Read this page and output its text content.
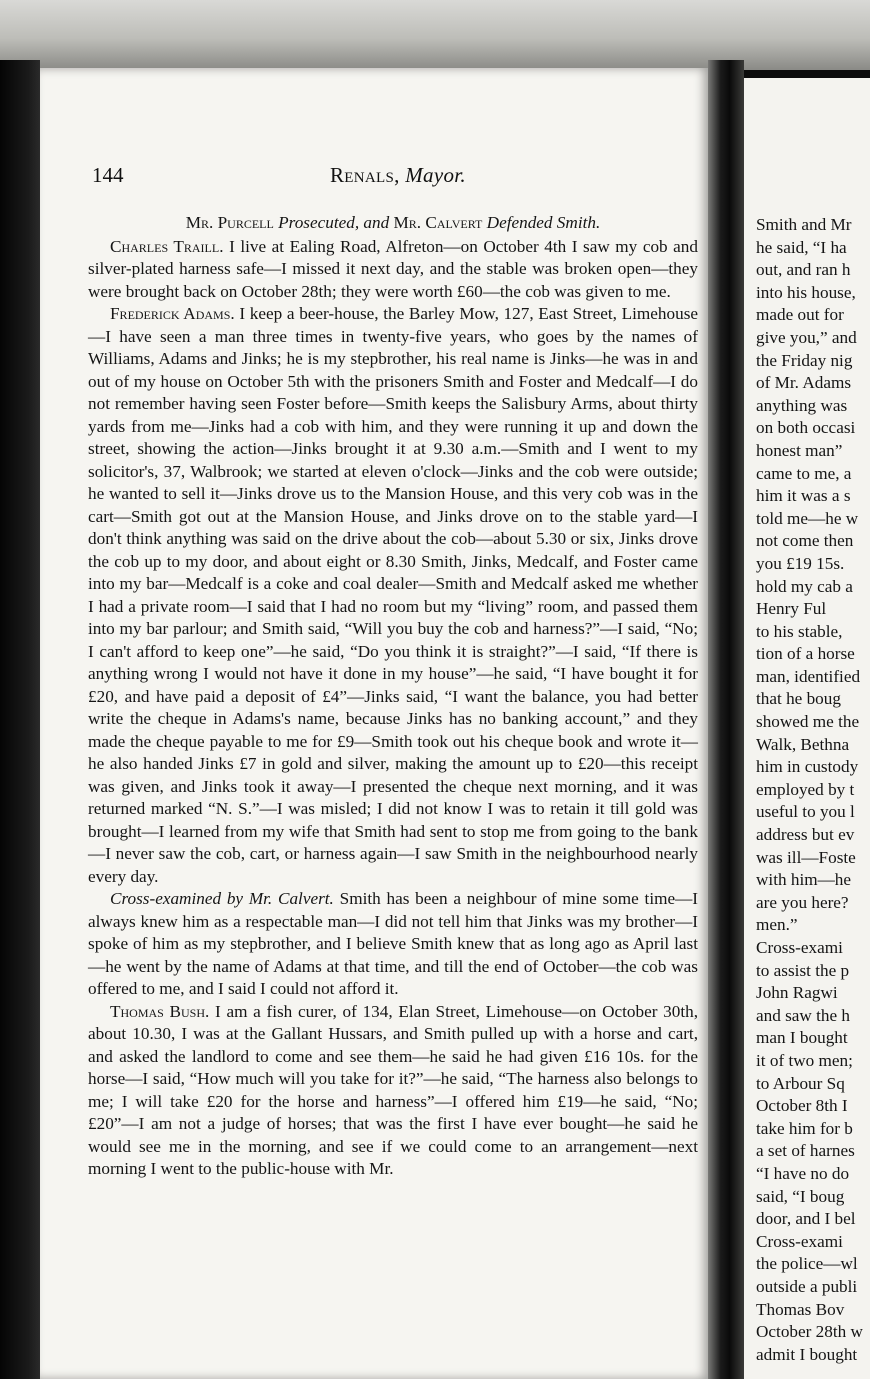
144	Renals, Mayor.

Mr. Purcell Prosecuted, and Mr. Calvert Defended Smith.

Charles Traill. I live at Ealing Road, Alfreton—on October 4th I saw my cob and silver-plated harness safe—I missed it next day, and the stable was broken open—they were brought back on October 28th; they were worth £60—the cob was given to me.

Frederick Adams. I keep a beer-house, the Barley Mow, 127, East Street, Limehouse—I have seen a man three times in twenty-five years, who goes by the names of Williams, Adams and Jinks; he is my stepbrother, his real name is Jinks—he was in and out of my house on October 5th with the prisoners Smith and Foster and Medcalf—I do not remember having seen Foster before—Smith keeps the Salisbury Arms, about thirty yards from me—Jinks had a cob with him, and they were running it up and down the street, showing the action—Jinks brought it at 9.30 a.m.—Smith and I went to my solicitor's, 37, Walbrook; we started at eleven o'clock—Jinks and the cob were outside; he wanted to sell it—Jinks drove us to the Mansion House, and this very cob was in the cart—Smith got out at the Mansion House, and Jinks drove on to the stable yard—I don't think anything was said on the drive about the cob—about 5.30 or six, Jinks drove the cob up to my door, and about eight or 8.30 Smith, Jinks, Medcalf, and Foster came into my bar—Medcalf is a coke and coal dealer—Smith and Medcalf asked me whether I had a private room—I said that I had no room but my “living” room, and passed them into my bar parlour; and Smith said, “Will you buy the cob and harness?”—I said, “No; I can't afford to keep one”—he said, “Do you think it is straight?”—I said, “If there is anything wrong I would not have it done in my house”—he said, “I have bought it for £20, and have paid a deposit of £4”—Jinks said, “I want the balance, you had better write the cheque in Adams's name, because Jinks has no banking account,” and they made the cheque payable to me for £9—Smith took out his cheque book and wrote it—he also handed Jinks £7 in gold and silver, making the amount up to £20—this receipt was given, and Jinks took it away—I presented the cheque next morning, and it was returned marked “N. S.”—I was misled; I did not know I was to retain it till gold was brought—I learned from my wife that Smith had sent to stop me from going to the bank—I never saw the cob, cart, or harness again—I saw Smith in the neighbourhood nearly every day.

Cross-examined by Mr. Calvert. Smith has been a neighbour of mine some time—I always knew him as a respectable man—I did not tell him that Jinks was my brother—I spoke of him as my stepbrother, and I believe Smith knew that as long ago as April last—he went by the name of Adams at that time, and till the end of October—the cob was offered to me, and I said I could not afford it.

Thomas Bush. I am a fish curer, of 134, Elan Street, Limehouse—on October 30th, about 10.30, I was at the Gallant Hussars, and Smith pulled up with a horse and cart, and asked the landlord to come and see them—he said he had given £16 10s. for the horse—I said, “How much will you take for it?”—he said, “The harness also belongs to me; I will take £20 for the horse and harness”—I offered him £19—he said, “No; £20”—I am not a judge of horses; that was the first I have ever bought—he said he would see me in the morning, and see if we could come to an arrangement—next morning I went to the public-house with Mr.

Smith and Mr
he said, “I ha
out, and ran h
into his house,
made out for
give you,” and
the Friday nig
of Mr. Adams
anything was
on both occasi
honest man”
came to me, a
him it was a s
told me—he w
not come then
you £19 15s.
hold my cab a
Henry Ful
to his stable,
tion of a horse
man, identified
that he boug
showed me the
Walk, Bethna
him in custody
employed by t
useful to you l
address but ev
was ill—Foste
with him—he
are you here?
men.”
Cross-exami
to assist the p
John Ragwi
and saw the h
man I bought
it of two men;
to Arbour Sq
October 8th I
take him for b
a set of harnes
“I have no do
said, “I boug
door, and I bel
Cross-exami
the police—wl
outside a publi
Thomas Bov
October 28th w
admit I bought
